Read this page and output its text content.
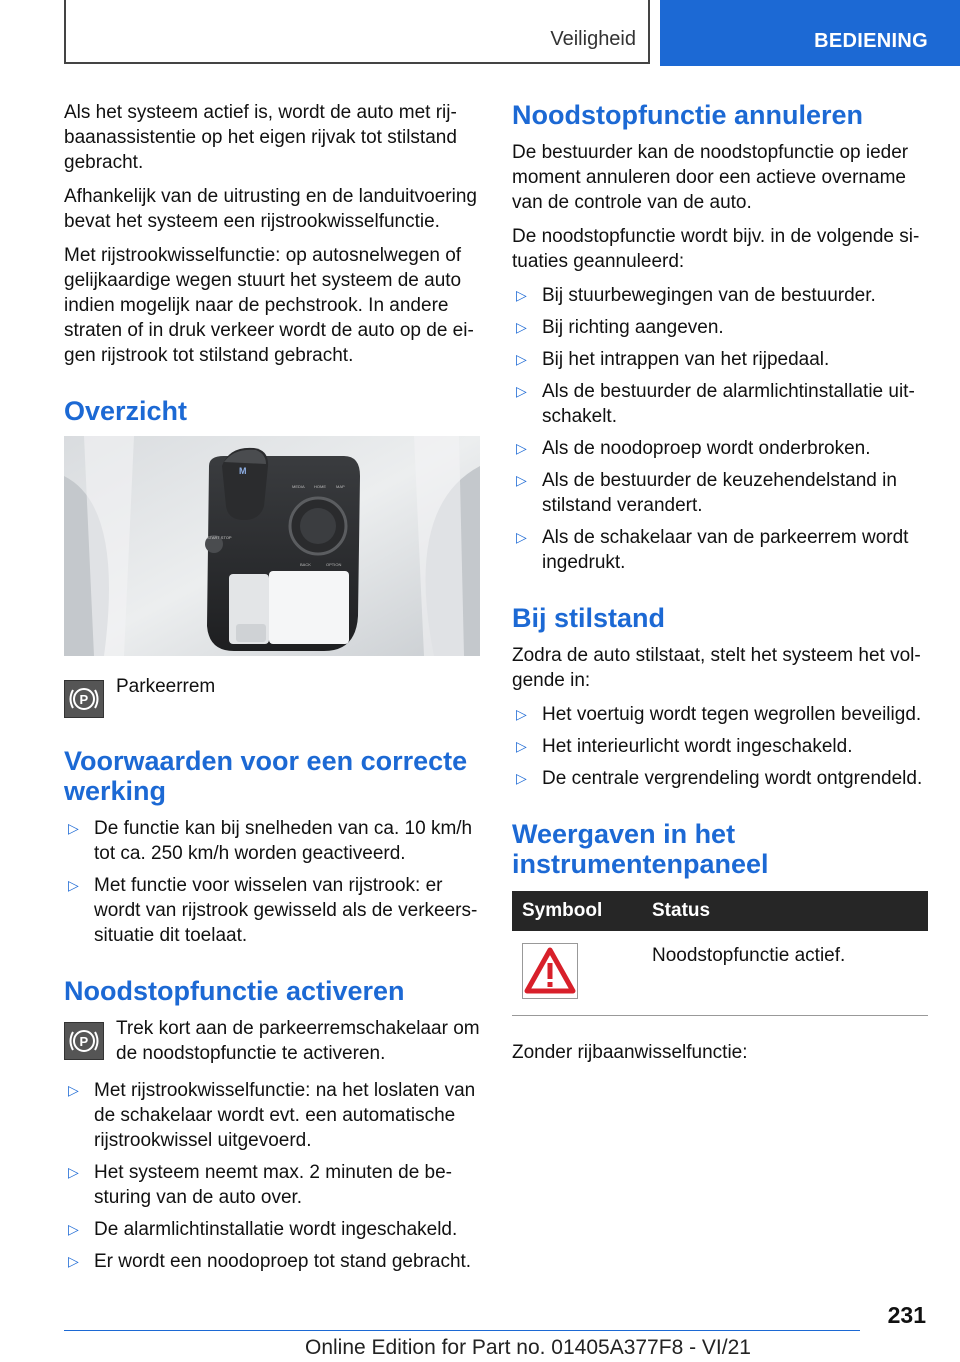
Veiligheid	BEDIENING

Als het systeem actief is, wordt de auto met rijbaanassistentie op het eigen rijvak tot stilstand gebracht.

Afhankelijk van de uitrusting en de landuitvoering bevat het systeem een rijstrookwisselfunctie.

Met rijstrookwisselfunctie: op autosnelwegen of gelijkaardige wegen stuurt het systeem de auto indien mogelijk naar de pechstrook. In andere straten of in druk verkeer wordt de auto op de eigen rijstrook tot stilstand gebracht.

Overzicht
M
START STOP
MEDIA HOME	MAP
BACK	OPTION
P
Parkeerrem
Voorwaarden voor een correcte werking
▷ De functie kan bij snelheden van ca. 10 km/h tot ca. 250 km/h worden geactiveerd.
▷ Met functie voor wisselen van rijstrook: er wordt van rijstrook gewisseld als de verkeerssituatie dit toelaat.
Noodstopfunctie activeren
P
Trek kort aan de parkeerremschakelaar om de noodstopfunctie te activeren.
▷ Met rijstrookwisselfunctie: na het loslaten van de schakelaar wordt evt. een automatische rijstrookwissel uitgevoerd.
▷ Het systeem neemt max. 2 minuten de besturing van de auto over.
▷ De alarmlichtinstallatie wordt ingeschakeld.
▷ Er wordt een noodoproep tot stand gebracht.
Noodstopfunctie annuleren

De bestuurder kan de noodstopfunctie op ieder moment annuleren door een actieve overname van de controle van de auto.

De noodstopfunctie wordt bijv. in de volgende situaties geannuleerd:

▷ Bij stuurbewegingen van de bestuurder.
▷ Bij richting aangeven.
▷ Bij het intrappen van het rijpedaal.
▷ Als de bestuurder de alarmlichtinstallatie uitschakelt.
▷ Als de noodoproep wordt onderbroken.
▷ Als de bestuurder de keuzehendelstand in stilstand verandert.
▷ Als de schakelaar van de parkeerrem wordt ingedrukt.
Bij stilstand

Zodra de auto stilstaat, stelt het systeem het volgende in:

▷ Het voertuig wordt tegen wegrollen beveiligd.
▷ Het interieurlicht wordt ingeschakeld.
▷ De centrale vergrendeling wordt ontgrendeld.
Weergaven in het instrumentenpaneel
Symbool	Status
	Noodstopfunctie actief.

Zonder rijbaanwisselfunctie:

231
Online Edition for Part no. 01405A377F8 - VI/21
